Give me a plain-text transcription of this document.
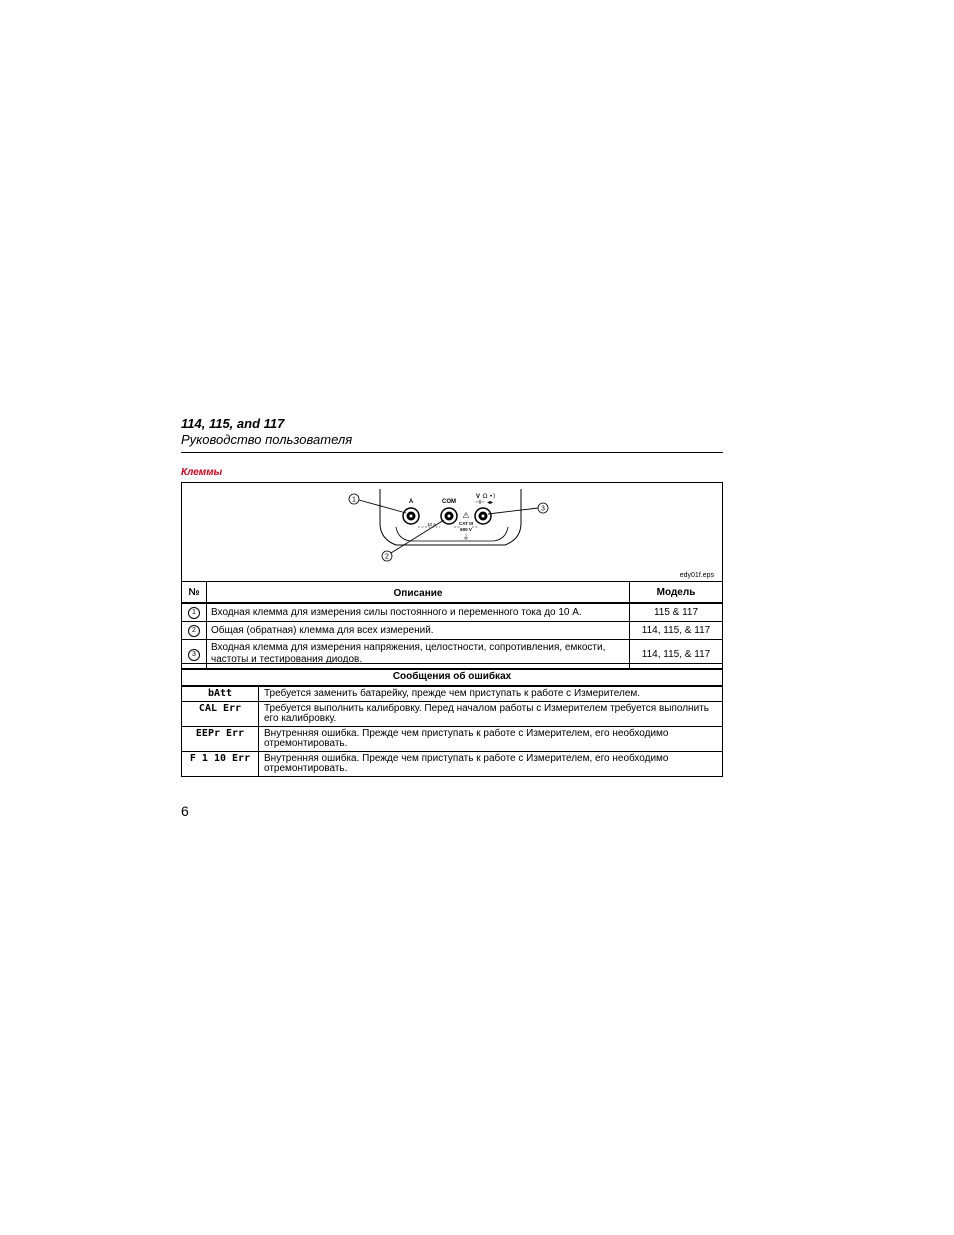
114, 115, and 117
Руководство пользователя
Клеммы
A	COM
V Ω •)
⊣⊢ ◂▸
10 A
⚠
CAT III
600 V
⏚
1
2
3
edy01f.eps
№	Описание	Модель
1	Входная клемма для измерения силы постоянного и переменного тока до 10 A.	115 & 117
2	Общая (обратная) клемма для всех измерений.	114, 115, & 117
3	Входная клемма для измерения напряжения, целостности, сопротивления, емкости, частоты и тестирования диодов.	114, 115, & 117
Сообщения об ошибках	
bAtt	Требуется заменить батарейку, прежде чем приступать к работе с Измерителем.
CAL Err	Требуется выполнить калибровку. Перед началом работы с Измерителем требуется выполнить его калибровку.
EEPr Err	Внутренняя ошибка. Прежде чем приступать к работе с Измерителем, его необходимо отремонтировать.
F 1 10 Err	Внутренняя ошибка. Прежде чем приступать к работе с Измерителем, его необходимо отремонтировать.
6
